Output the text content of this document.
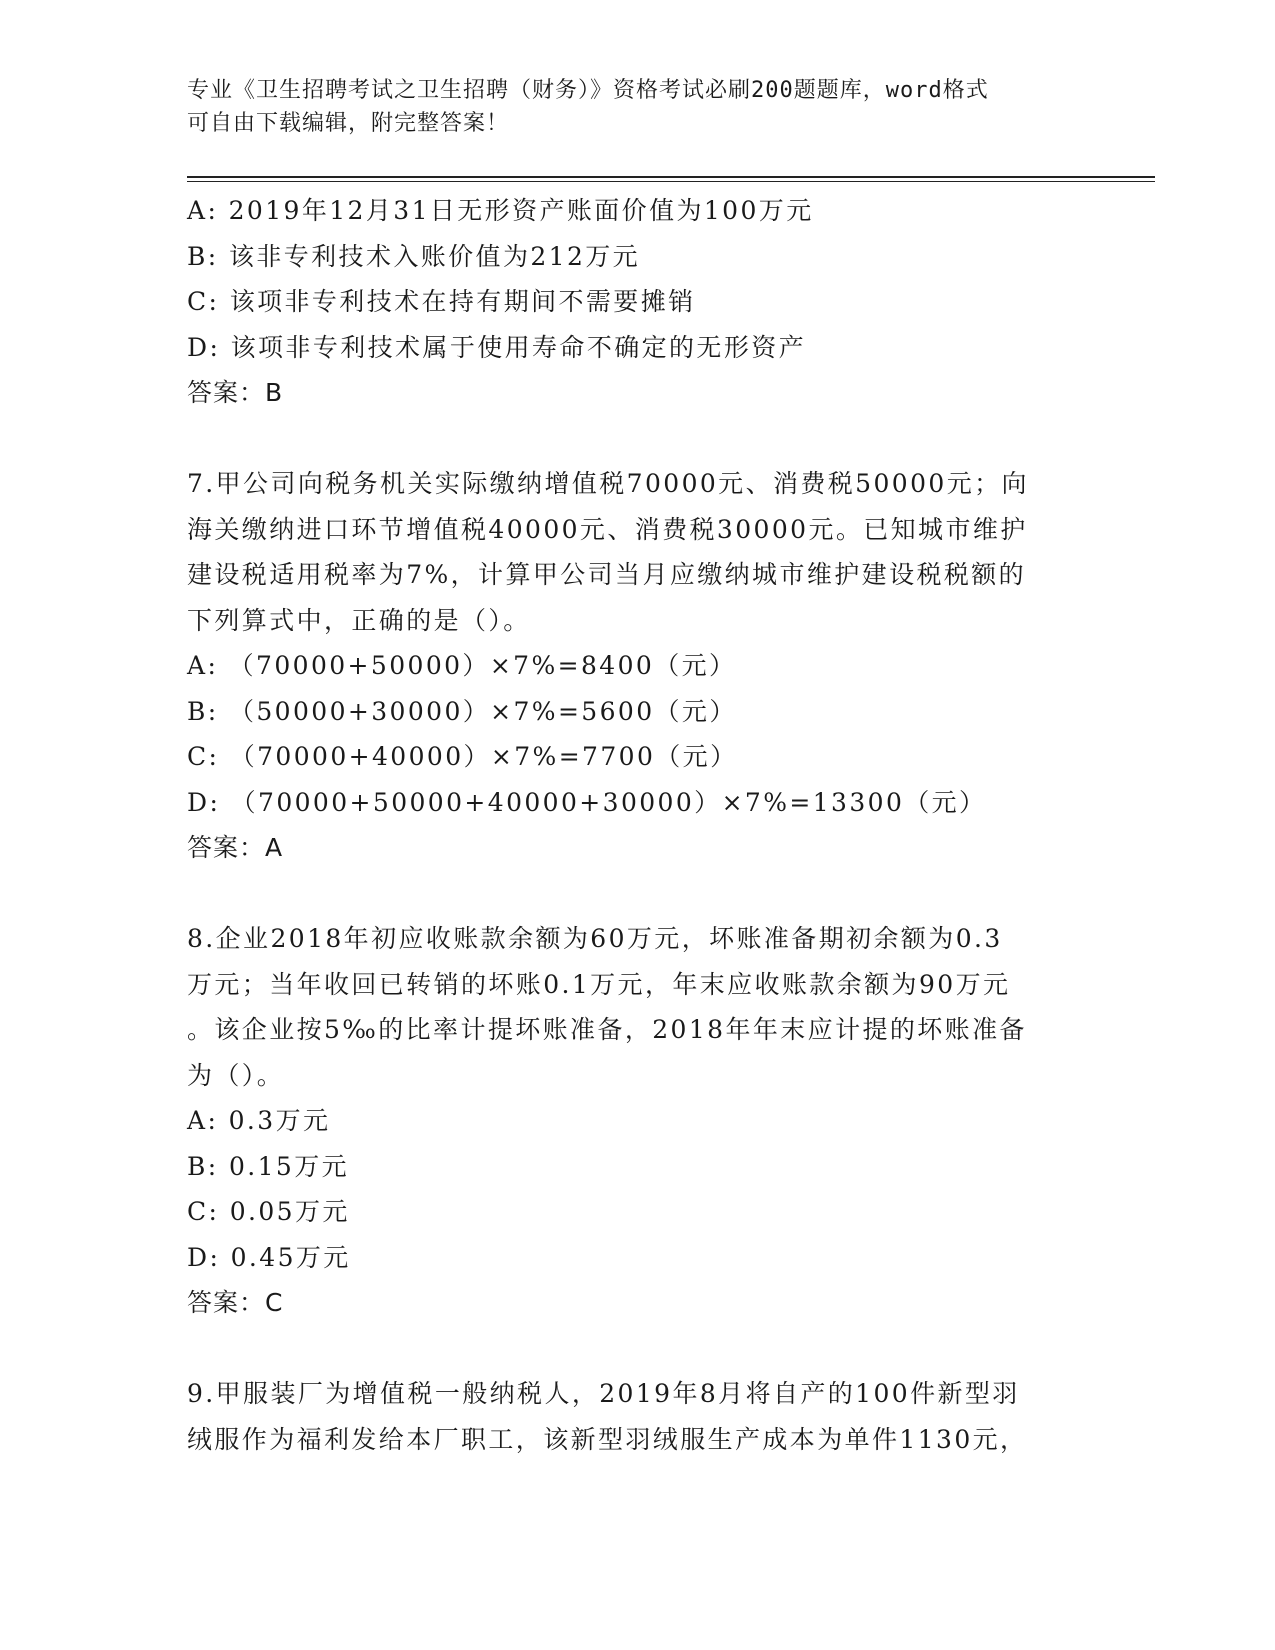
专业《卫生招聘考试之卫生招聘（财务）》资格考试必刷200题题库，word格式
可自由下载编辑，附完整答案！
A: 2019年12月31日无形资产账面价值为100万元
B: 该非专利技术入账价值为212万元
C: 该项非专利技术在持有期间不需要摊销
D: 该项非专利技术属于使用寿命不确定的无形资产
答案：B
7.甲公司向税务机关实际缴纳增值税70000元、消费税50000元；向
海关缴纳进口环节增值税40000元、消费税30000元。已知城市维护
建设税适用税率为7%，计算甲公司当月应缴纳城市维护建设税税额的
下列算式中，正确的是（）。
A: （70000+50000）×7%=8400（元）
B: （50000+30000）×7%=5600（元）
C: （70000+40000）×7%=7700（元）
D: （70000+50000+40000+30000）×7%=13300（元）
答案：A
8.企业2018年初应收账款余额为60万元，坏账准备期初余额为0.3
万元；当年收回已转销的坏账0.1万元，年末应收账款余额为90万元
。该企业按5‰的比率计提坏账准备，2018年年末应计提的坏账准备
为（）。
A: 0.3万元
B: 0.15万元
C: 0.05万元
D: 0.45万元
答案：C
9.甲服装厂为增值税一般纳税人，2019年8月将自产的100件新型羽
绒服作为福利发给本厂职工，该新型羽绒服生产成本为单件1130元，
